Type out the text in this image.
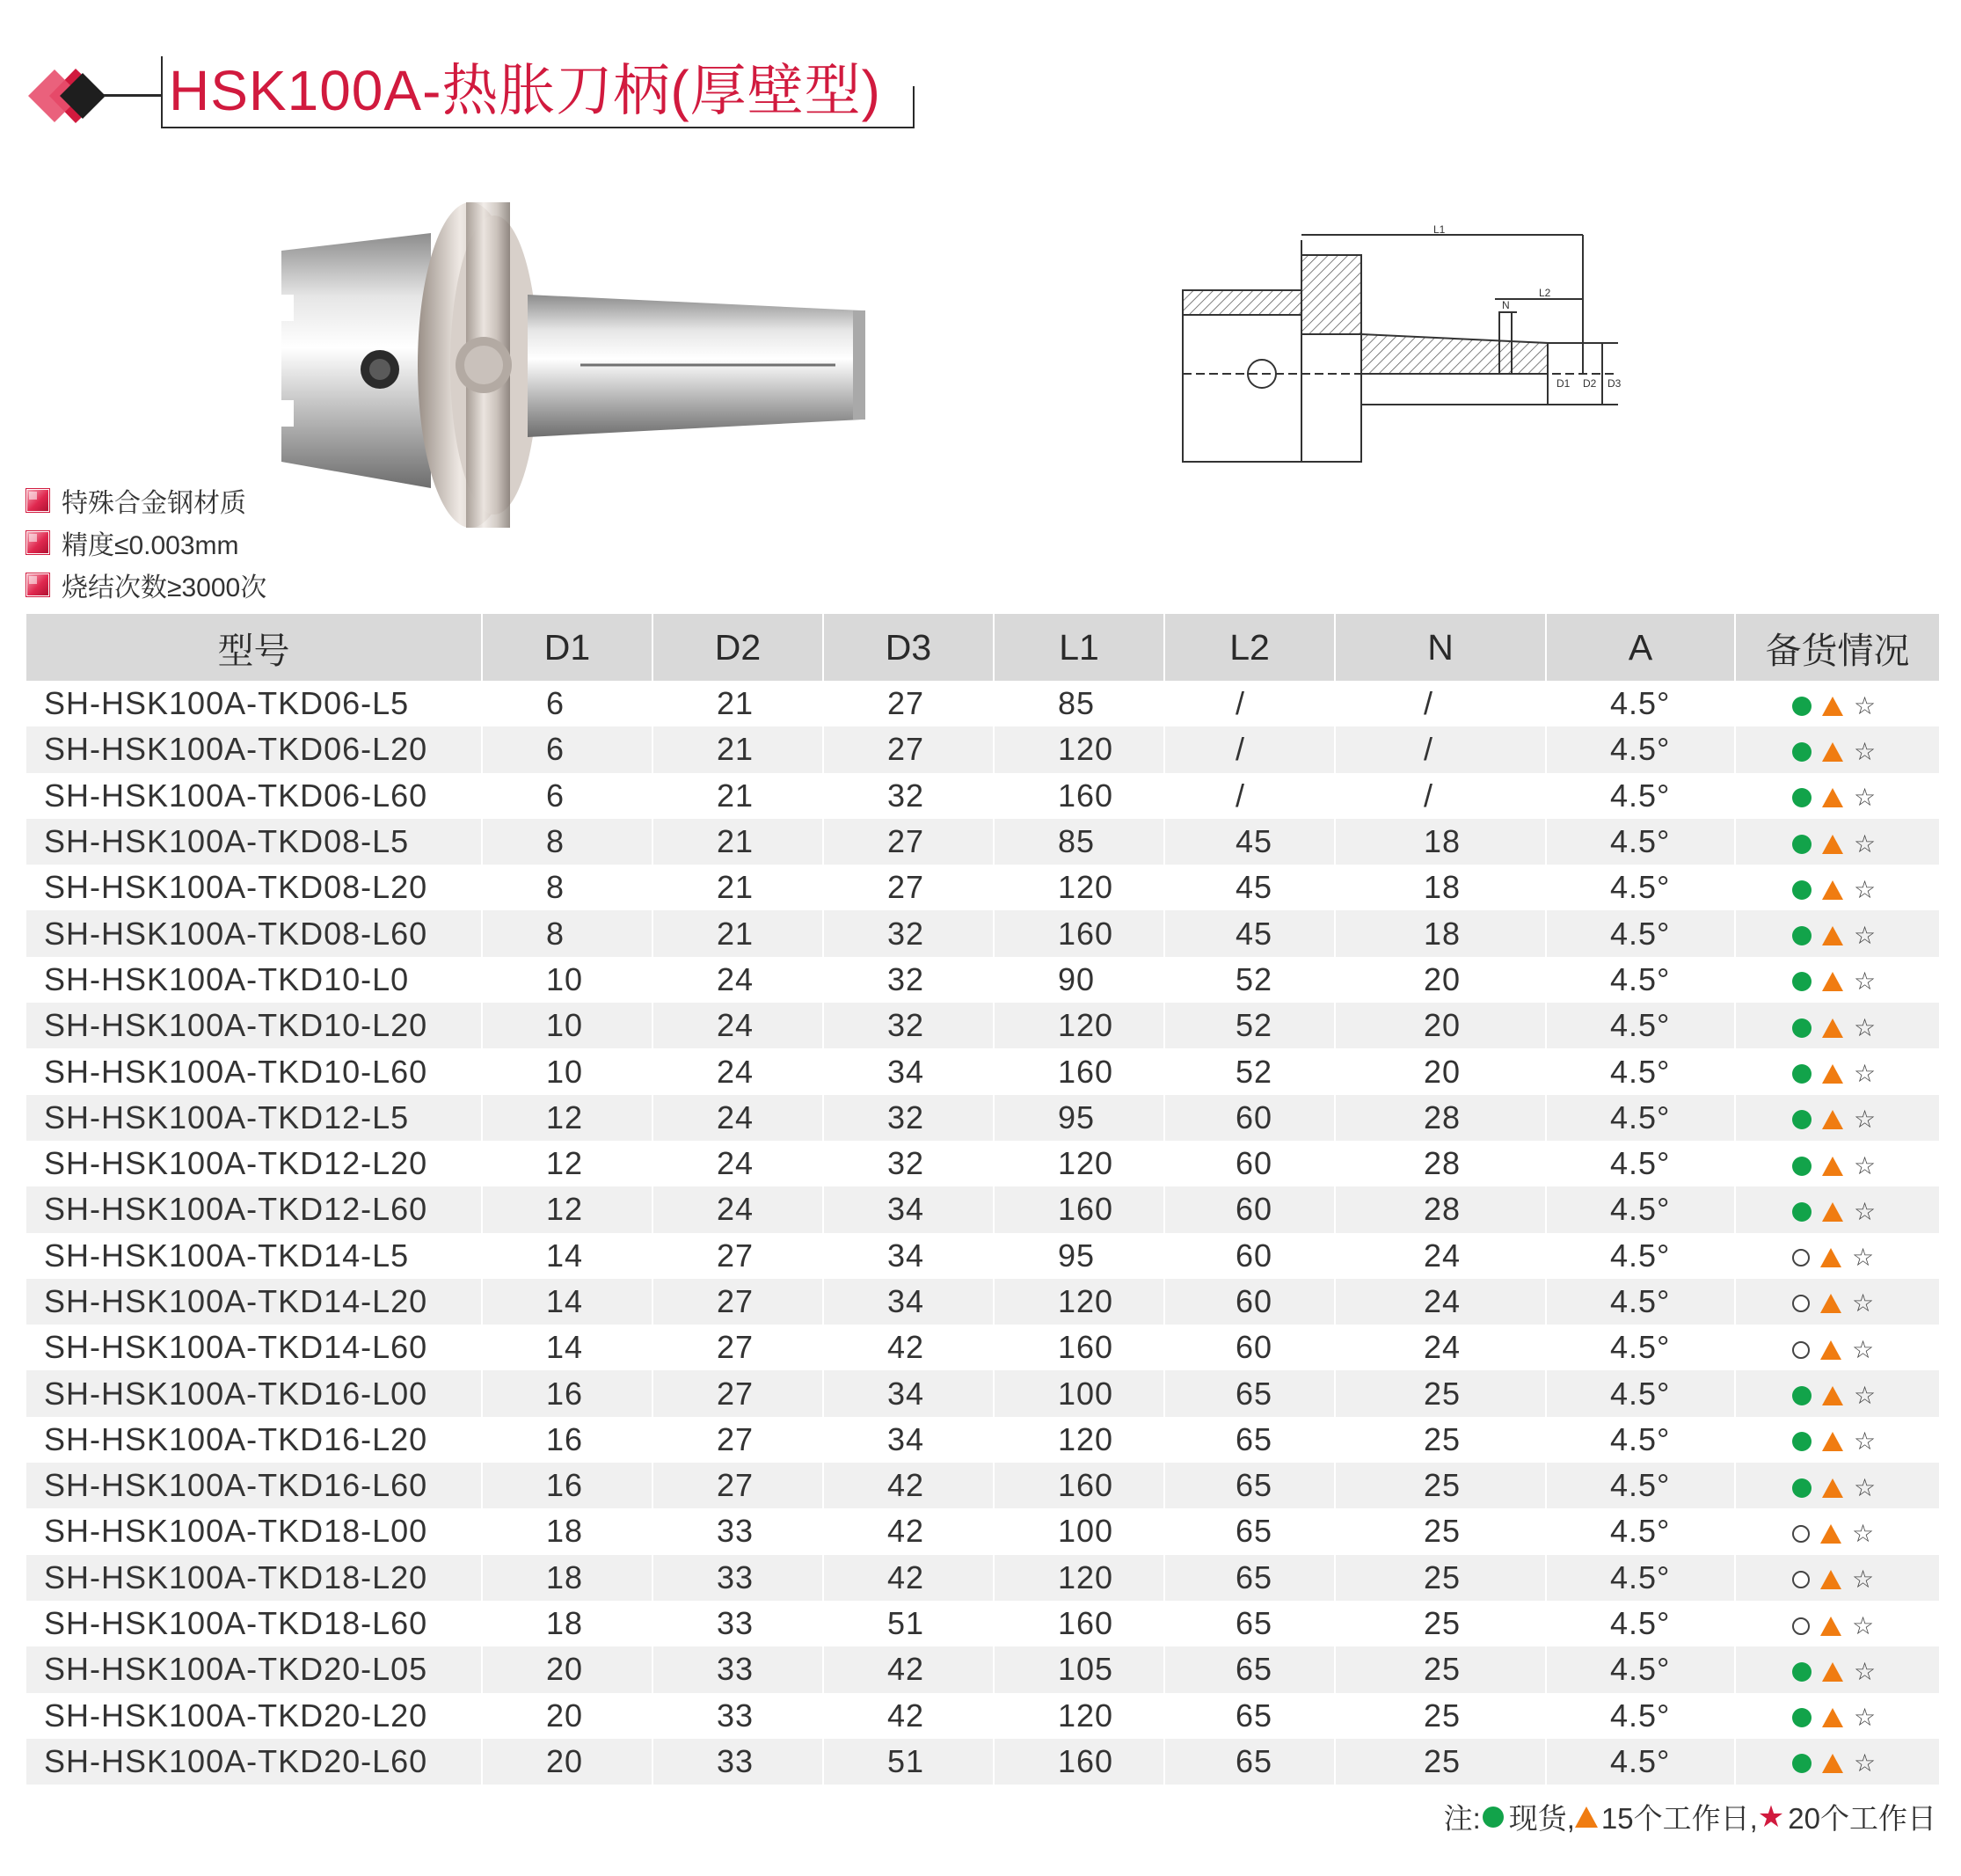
HSK100A-热胀刀柄(厚壁型)
L1
L2
N
D1 D2 D3
特殊合金钢材质
精度≤0.003mm
烧结次数≥3000次
型号	D1	D2	D3	L1	L2	N	A	备货情况
SH-HSK100A-TKD06-L5	6	21	27	85	/	/	4.5°	☆
SH-HSK100A-TKD06-L20	6	21	27	120	/	/	4.5°	☆
SH-HSK100A-TKD06-L60	6	21	32	160	/	/	4.5°	☆
SH-HSK100A-TKD08-L5	8	21	27	85	45	18	4.5°	☆
SH-HSK100A-TKD08-L20	8	21	27	120	45	18	4.5°	☆
SH-HSK100A-TKD08-L60	8	21	32	160	45	18	4.5°	☆
SH-HSK100A-TKD10-L0	10	24	32	90	52	20	4.5°	☆
SH-HSK100A-TKD10-L20	10	24	32	120	52	20	4.5°	☆
SH-HSK100A-TKD10-L60	10	24	34	160	52	20	4.5°	☆
SH-HSK100A-TKD12-L5	12	24	32	95	60	28	4.5°	☆
SH-HSK100A-TKD12-L20	12	24	32	120	60	28	4.5°	☆
SH-HSK100A-TKD12-L60	12	24	34	160	60	28	4.5°	☆
SH-HSK100A-TKD14-L5	14	27	34	95	60	24	4.5°	☆
SH-HSK100A-TKD14-L20	14	27	34	120	60	24	4.5°	☆
SH-HSK100A-TKD14-L60	14	27	42	160	60	24	4.5°	☆
SH-HSK100A-TKD16-L00	16	27	34	100	65	25	4.5°	☆
SH-HSK100A-TKD16-L20	16	27	34	120	65	25	4.5°	☆
SH-HSK100A-TKD16-L60	16	27	42	160	65	25	4.5°	☆
SH-HSK100A-TKD18-L00	18	33	42	100	65	25	4.5°	☆
SH-HSK100A-TKD18-L20	18	33	42	120	65	25	4.5°	☆
SH-HSK100A-TKD18-L60	18	33	51	160	65	25	4.5°	☆
SH-HSK100A-TKD20-L05	20	33	42	105	65	25	4.5°	☆
SH-HSK100A-TKD20-L20	20	33	42	120	65	25	4.5°	☆
SH-HSK100A-TKD20-L60	20	33	51	160	65	25	4.5°	☆
注: 现货, 15个工作日, ★ 20个工作日
